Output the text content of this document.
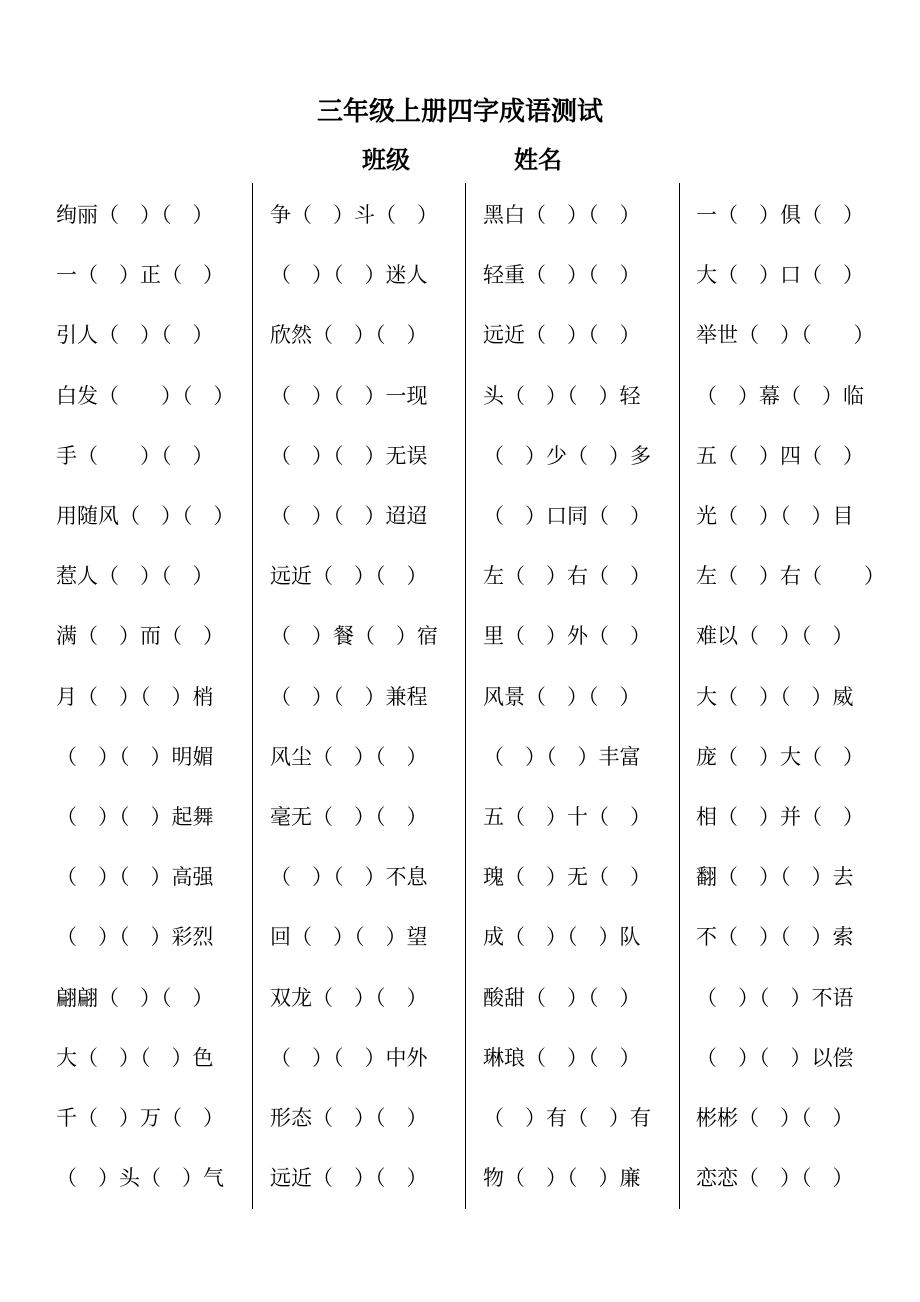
三年级上册四字成语测试
班级	姓名
绚丽（　）（　）
一（　）正（　）
引人（　）（　）
白发（　　）（　）
手（　　）（　）
用随风（　）（　）
惹人（　）（　）
满（　）而（　）
月（　）（　）梢
（　）（　）明媚
（　）（　）起舞
（　）（　）高强
（　）（　）彩烈
翩翩（　）（　）
大（　）（　）色
千（　）万（　）
（　）头（　）气
争（　）斗（　）
（　）（　）迷人
欣然（　）（　）
（　）（　）一现
（　）（　）无误
（　）（　）迢迢
远近（　）（　）
（　）餐（　）宿
（　）（　）兼程
风尘（　）（　）
毫无（　）（　）
（　）（　）不息
回（　）（　）望
双龙（　）（　）
（　）（　）中外
形态（　）（　）
远近（　）（　）
黑白（　）（　）
轻重（　）（　）
远近（　）（　）
头（　）（　）轻
（　）少（　）多
（　）口同（　）
左（　）右（　）
里（　）外（　）
风景（　）（　）
（　）（　）丰富
五（　）十（　）
瑰（　）无（　）
成（　）（　）队
酸甜（　）（　）
琳琅（　）（　）
（　）有（　）有
物（　）（　）廉
一（　）俱（　）
大（　）口（　）
举世（　）（　　）
（　）幕（　）临
五（　）四（　）
光（　）（　）目
左（　）右（　　）
难以（　）（　）
大（　）（　）威
庞（　）大（　）
相（　）并（　）
翻（　）（　）去
不（　）（　）索
（　）（　）不语
（　）（　）以偿
彬彬（　）（　）
恋恋（　）（　）
